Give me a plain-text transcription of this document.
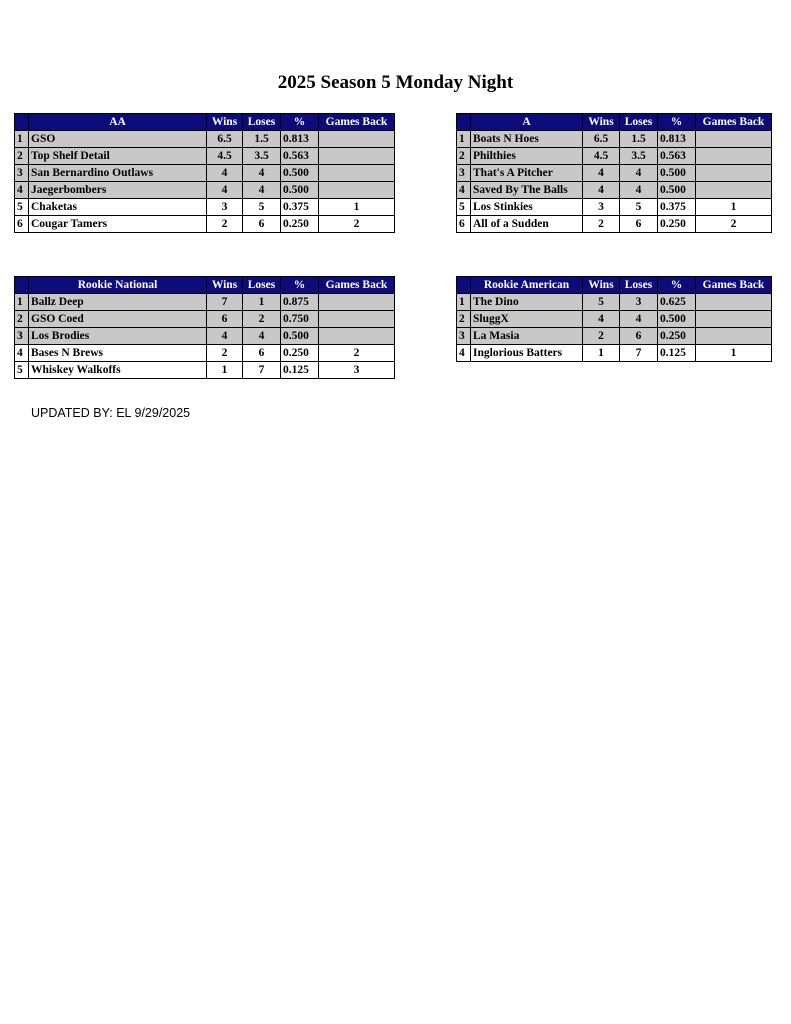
2025 Season 5 Monday Night
	AA	Wins	Loses	%	Games Back
1	GSO	6.5	1.5	0.813	
2	Top Shelf Detail	4.5	3.5	0.563	
3	San Bernardino Outlaws	4	4	0.500	
4	Jaegerbombers	4	4	0.500	
5	Chaketas	3	5	0.375	1
6	Cougar Tamers	2	6	0.250	2
	A	Wins	Loses	%	Games Back
1	Boats N Hoes	6.5	1.5	0.813	
2	Philthies	4.5	3.5	0.563	
3	That's A Pitcher	4	4	0.500	
4	Saved By The Balls	4	4	0.500	
5	Los Stinkies	3	5	0.375	1
6	All of a Sudden	2	6	0.250	2
	Rookie National	Wins	Loses	%	Games Back
1	Ballz Deep	7	1	0.875	
2	GSO Coed	6	2	0.750	
3	Los Brodies	4	4	0.500	
4	Bases N Brews	2	6	0.250	2
5	Whiskey Walkoffs	1	7	0.125	3
	Rookie American	Wins	Loses	%	Games Back
1	The Dino	5	3	0.625	
2	SluggX	4	4	0.500	
3	La Masia	2	6	0.250	
4	Inglorious Batters	1	7	0.125	1
UPDATED BY: EL 9/29/2025
